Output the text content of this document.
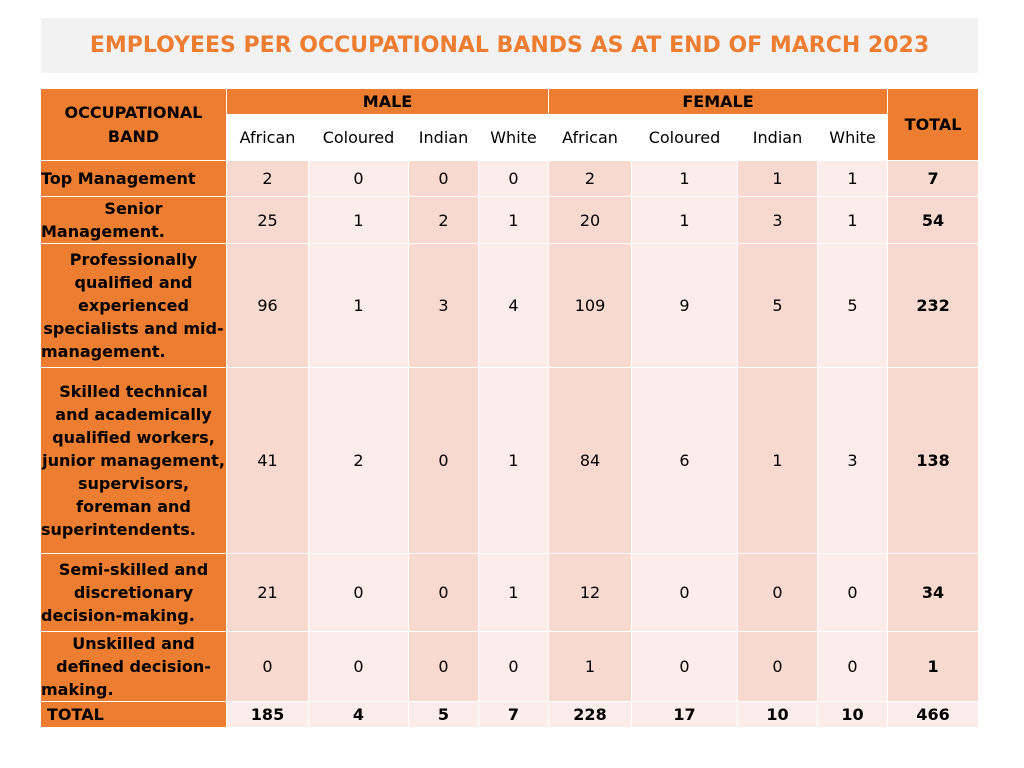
EMPLOYEES PER OCCUPATIONAL BANDS AS AT END OF MARCH 2023
OCCUPATIONAL BAND	MALE				FEMALE				TOTAL
	African	Coloured	Indian	White	African	Coloured	Indian	White	
Top Management	2	0	0	0	2	1	1	1	7
Senior Management.	25	1	2	1	20	1	3	1	54
Professionally qualified and experienced specialists and mid-management.	96	1	3	4	109	9	5	5	232
Skilled technical and academically qualified workers, junior management, supervisors, foreman and superintendents.	41	2	0	1	84	6	1	3	138
Semi-skilled and discretionary decision-making.	21	0	0	1	12	0	0	0	34
Unskilled and defined decision-making.	0	0	0	0	1	0	0	0	1
TOTAL	185	4	5	7	228	17	10	10	466
